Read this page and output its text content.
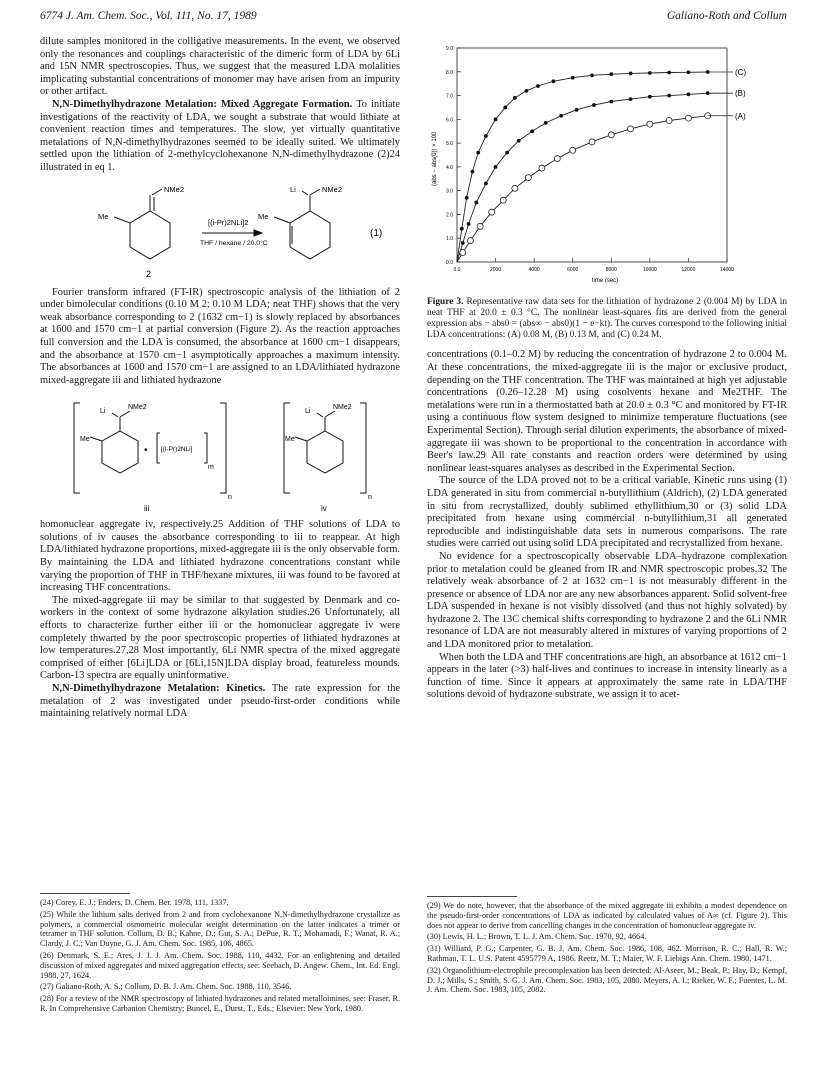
6774 J. Am. Chem. Soc., Vol. 111, No. 17, 1989	Galiano-Roth and Collum

dilute samples monitored in the colligative measurements. In the event, we observed only the resonances and couplings characteristic of the dimeric form of LDA by 6Li and 15N NMR spectroscopies. Thus, we suggest that the measured LDA molalities implicating substantial concentrations of monomer may have arisen from an impurity or other artifact.

N,N-Dimethylhydrazone Metalation: Mixed Aggregate Formation. To initiate investigations of the reactivity of LDA, we sought a substrate that would lithiate at convenient reaction times and temperatures. The slow, yet virtually quantitative metalations of N,N-dimethylhydrazones seemed to be ideally suited. We ultimately settled upon the lithiation of 2-methylcyclohexanone N,N-dimethylhydrazone (2)24 illustrated in eq 1.

NMe2
Me
2
[(i-Pr)2NLi]2
THF / hexane / 20.0°C
Li	NMe2
Me
(1)

Fourier transform infrared (FT-IR) spectroscopic analysis of the lithiation of 2 under bimolecular conditions (0.10 M 2; 0.10 M LDA; neat THF) shows that the very weak absorbance corresponding to 2 (1632 cm−1) is slowly replaced by absorbances at 1600 and 1570 cm−1 at partial conversion (Figure 2). As the reaction approaches full conversion and the LDA is consumed, the absorbance at 1600 cm−1 disappears, and the absorbance at 1570 cm−1 asymptotically approaches a maximum intensity. The absorbances at 1600 and 1570 cm−1 are assigned to an LDA/lithiated hydrazone mixed-aggregate iii and lithiated hydrazone

Li
NMe2
Me
• [(i-Pr)2NLi]
m
n
iii
Li
NMe2
Me
n
iv

homonuclear aggregate iv, respectively.25 Addition of THF solutions of LDA to solutions of iv causes the absorbance corresponding to iii to reappear. At high LDA/lithiated hydrazone proportions, mixed-aggregate iii is the only observable form. By maintaining the LDA and lithiated hydrazone concentrations constant while varying the proportion of THF in THF/hexane mixtures, iii was found to be favored at increasing THF concentrations.

The mixed-aggregate iii may be similar to that suggested by Denmark and co-workers in the context of some hydrazone alkylation studies.26 Unfortunately, all efforts to characterize further either iii or the homonuclear aggregate iv were completely thwarted by the poor spectroscopic properties of lithiated hydrazones at low temperatures.27,28 Most importantly, 6Li NMR spectra of the mixed aggregate comprised of either [6Li]LDA or [6Li,15N]LDA display broad, featureless mounds. Carbon-13 spectra are equally uninformative.

N,N-Dimethylhydrazone Metalation: Kinetics. The rate expression for the metalation of 2 was investigated under pseudo-first-order conditions while maintaining relatively normal LDA

(24) Corey, E. J.; Enders, D. Chem. Ber. 1978, 111, 1337.
(25) While the lithium salts derived from 2 and from cyclohexanone N,N-dimethylhydrazone crystallize as polymers, a commercial osmometric molecular weight determination on the latter indicates a trimer or tetramer in THF solution. Collum, D. B.; Kahne, D.; Gut, S. A.; DePue, R. T.; Mohamadi, F.; Wanat, R. A.; Clardy, J. C.; Van Duyne, G. J. Am. Chem. Soc. 1985, 106, 4865.
(26) Denmark, S. E.; Ares, J. J. J. Am. Chem. Soc. 1988, 110, 4432. For an enlightening and detailed discussion of mixed aggregates and mixed aggregation effects, see: Seebach, D. Angew. Chem., Int. Ed. Engl. 1988, 27, 1624.
(27) Galiano-Roth, A. S.; Collum, D. B. J. Am. Chem. Soc. 1988, 110, 3546.
(28) For a review of the NMR spectroscopy of lithiated hydrazones and related metalloimines, see: Fraser, R. R. In Comprehensive Carbanion Chemistry; Buncel, E., Durst, T., Eds.; Elsevier: New York, 1980.
0.0
1.0
2.0
3.0
4.0
5.0
6.0
7.0
8.0
9.0
0.0	2000	4000	6000	8000	10000	12000	14000
(C)
(B)
(A)
(abs − abs(0)) × 100
time (sec)
Figure 3. Representative raw data sets for the lithiation of hydrazone 2 (0.004 M) by LDA in neat THF at 20.0 ± 0.3 °C. The nonlinear least-squares fits are derived from the general expression abs − abs0 = (abs∞ − abs0)(1 − e−kt). The curves correspond to the following initial LDA concentrations: (A) 0.08 M, (B) 0.13 M, and (C) 0.24 M.

concentrations (0.1–0.2 M) by reducing the concentration of hydrazone 2 to 0.004 M. At these concentrations, the mixed-aggregate iii is the major or exclusive product, depending on the THF concentration. The THF was maintained at high yet adjustable concentrations (0.26–12.28 M) using cosolvents hexane and Me2THF. The metalations were run in a thermostatted bath at 20.0 ± 0.3 °C and monitored by FT-IR using a continuous flow system designed to minimize temperature fluctuations (see Experimental Section). Through serial dilution experiments, the absorbance of mixed-aggregate iii was shown to be proportional to the concentration in accordance with Beer's law.29 All rate constants and reaction orders were determined by using nonlinear least-squares analyses as described in the Experimental Section.

The source of the LDA proved not to be a critical variable. Kinetic runs using (1) LDA generated in situ from commercial n-butyllithium (Aldrich), (2) LDA generated in situ from recrystallized, doubly sublimed ethyllithium,30 or (3) solid LDA precipitated from hexane using commercial n-butyllithium,31 all generated reproducible and indistinguishable data sets in numerous comparisons. The rate studies were carried out using solid LDA precipitated and recrystallized from hexane.

No evidence for a spectroscopically observable LDA–hydrazone complexation prior to metalation could be gleaned from IR and NMR spectroscopic probes.32 The relatively weak absorbance of 2 at 1632 cm−1 is not measurably different in the presence or absence of LDA nor are any new absorbances apparent. Solid solvent-free LDA suspended in hexane is not visibly dissolved (and thus not highly solvated) by hydrazone 2. The 13C chemical shifts corresponding to hydrazone 2 and the 6Li NMR resonance of LDA are not measurably altered in mixtures of varying proportions of 2 and LDA monitored prior to metalation.

When both the LDA and THF concentrations are high, an absorbance at 1612 cm−1 appears in the later (>3) half-lives and continues to increase in intensity linearly as a function of time. Since it appears at approximately the same rate in LDA/THF solutions devoid of hydrazone substrate, we assign it to acet-

(29) We do note, however, that the absorbance of the mixed aggregate iii exhibits a modest dependence on the pseudo-first-order concentrations of LDA as indicated by calculated values of A∞ (cf. Figure 2). This does not appear to derive from cancelling changes in the concentration of homonuclear aggregate iv.
(30) Lewis, H. L.; Brown, T. L. J. Am. Chem. Soc. 1970, 92, 4664.
(31) Williard, P. G.; Carpenter, G. B. J. Am. Chem. Soc. 1986, 108, 462. Morrison, R. C.; Hall, R. W.; Rathman, T. L. U.S. Patent 4595779 A, 1986. Reetz, M. T.; Maier, W. F. Liebigs Ann. Chem. 1980, 1471.
(32) Organolithium-electrophile precomplexation has been detected: Al-Aseer, M.; Beak, P.; Hay, D.; Kempf, D. J.; Mills, S.; Smith, S. G. J. Am. Chem. Soc. 1983, 105, 2080. Meyers, A. I.; Rieker, W. F.; Fuentes, L. M. J. Am. Chem. Soc. 1983, 105, 2082.
